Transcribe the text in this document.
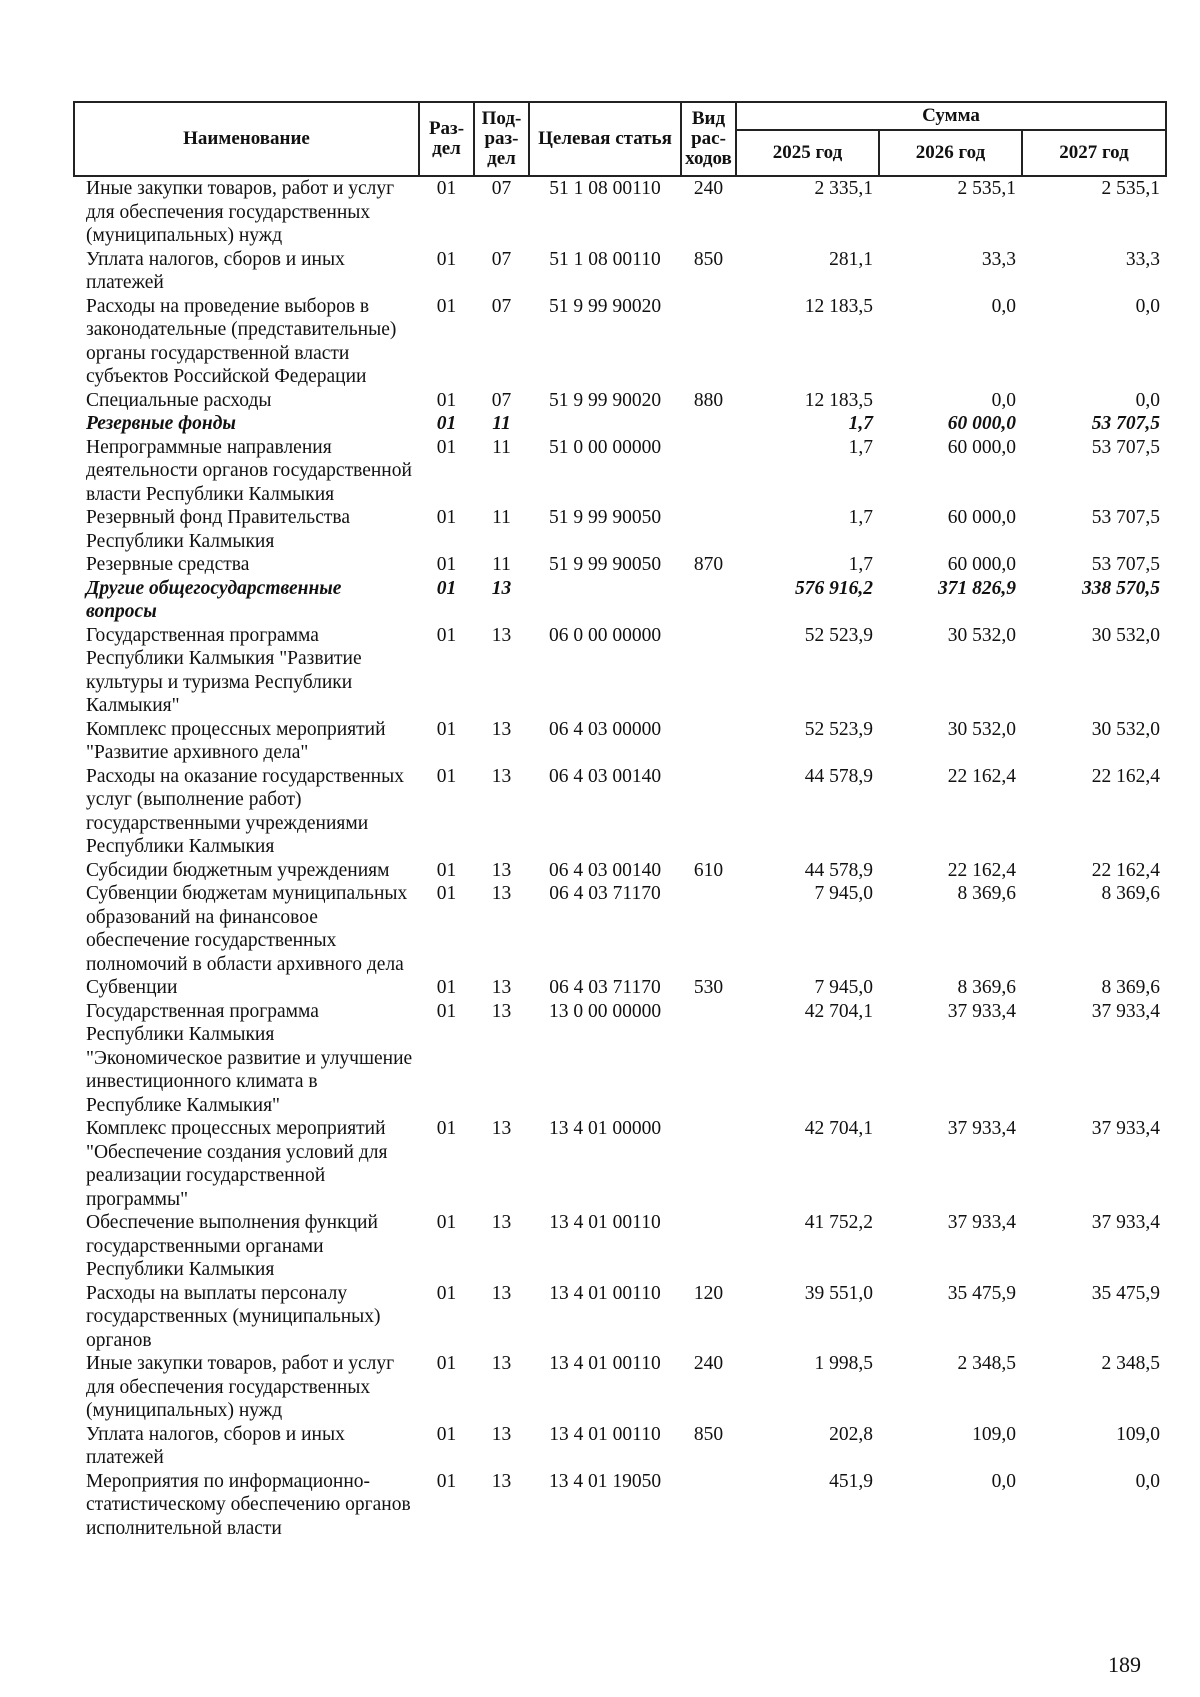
Наименование	Раз-дел	Под-раз-дел	Целевая статья	Вид рас-ходов	Сумма		
					2025 год	2026 год	2027 год
Иные закупки товаров, работ и услуг для обеспечения государственных (муниципальных) нужд	01	07	51 1 08 00110	240	2 335,1	2 535,1	2 535,1
Уплата налогов, сборов и иных платежей	01	07	51 1 08 00110	850	281,1	33,3	33,3
Расходы на проведение выборов в законодательные (представительные) органы государственной власти субъектов Российской Федерации	01	07	51 9 99 90020		12 183,5	0,0	0,0
Специальные расходы	01	07	51 9 99 90020	880	12 183,5	0,0	0,0
Резервные фонды	01	11			1,7	60 000,0	53 707,5
Непрограммные направления деятельности органов государственной власти Республики Калмыкия	01	11	51 0 00 00000		1,7	60 000,0	53 707,5
Резервный фонд Правительства Республики Калмыкия	01	11	51 9 99 90050		1,7	60 000,0	53 707,5
Резервные средства	01	11	51 9 99 90050	870	1,7	60 000,0	53 707,5
Другие общегосударственные вопросы	01	13			576 916,2	371 826,9	338 570,5
Государственная программа Республики Калмыкия "Развитие культуры и туризма Республики Калмыкия"	01	13	06 0 00 00000		52 523,9	30 532,0	30 532,0
Комплекс процессных мероприятий "Развитие архивного дела"	01	13	06 4 03 00000		52 523,9	30 532,0	30 532,0
Расходы на оказание государственных услуг (выполнение работ) государственными учреждениями Республики Калмыкия	01	13	06 4 03 00140		44 578,9	22 162,4	22 162,4
Субсидии бюджетным учреждениям	01	13	06 4 03 00140	610	44 578,9	22 162,4	22 162,4
Субвенции бюджетам муниципальных образований на финансовое обеспечение государственных полномочий в области архивного дела	01	13	06 4 03 71170		7 945,0	8 369,6	8 369,6
Субвенции	01	13	06 4 03 71170	530	7 945,0	8 369,6	8 369,6
Государственная программа Республики Калмыкия "Экономическое развитие и улучшение инвестиционного климата в Республике Калмыкия"	01	13	13 0 00 00000		42 704,1	37 933,4	37 933,4
Комплекс процессных мероприятий "Обеспечение создания условий для реализации государственной программы"	01	13	13 4 01 00000		42 704,1	37 933,4	37 933,4
Обеспечение выполнения функций государственными органами Республики Калмыкия	01	13	13 4 01 00110		41 752,2	37 933,4	37 933,4
Расходы на выплаты персоналу государственных (муниципальных) органов	01	13	13 4 01 00110	120	39 551,0	35 475,9	35 475,9
Иные закупки товаров, работ и услуг для обеспечения государственных (муниципальных) нужд	01	13	13 4 01 00110	240	1 998,5	2 348,5	2 348,5
Уплата налогов, сборов и иных платежей	01	13	13 4 01 00110	850	202,8	109,0	109,0
Мероприятия по информационно-статистическому обеспечению органов исполнительной власти	01	13	13 4 01 19050		451,9	0,0	0,0
189
